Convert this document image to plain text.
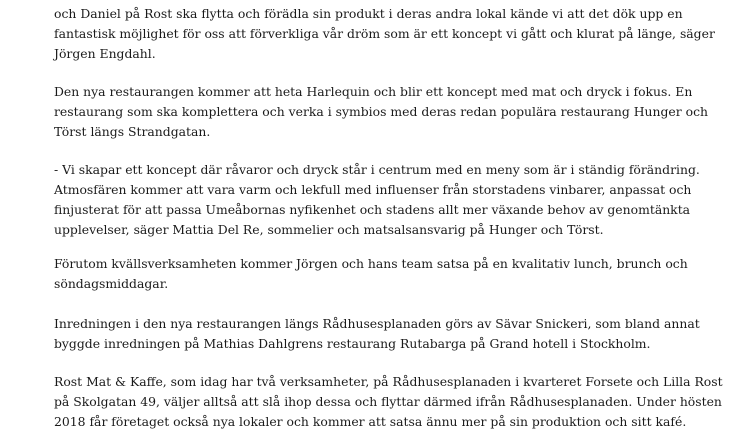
och Daniel på Rost ska flytta och förädla sin produkt i deras andra lokal kände vi att det dök upp en
fantastisk möjlighet för oss att förverkliga vår dröm som är ett koncept vi gått och klurat på länge, säger
Jörgen Engdahl.

Den nya restaurangen kommer att heta Harlequin och blir ett koncept med mat och dryck i fokus. En
restaurang som ska komplettera och verka i symbios med deras redan populära restaurang Hunger och
Törst längs Strandgatan.

- Vi skapar ett koncept där råvaror och dryck står i centrum med en meny som är i ständig förändring.
Atmosfären kommer att vara varm och lekfull med influenser från storstadens vinbarer, anpassat och
finjusterat för att passa Umeåbornas nyfikenhet och stadens allt mer växande behov av genomtänkta
upplevelser, säger Mattia Del Re, sommelier och matsalsansvarig på Hunger och Törst.

Förutom kvällsverksamheten kommer Jörgen och hans team satsa på en kvalitativ lunch, brunch och
söndagsmiddagar.

Inredningen i den nya restaurangen längs Rådhusesplanaden görs av Sävar Snickeri, som bland annat
byggde inredningen på Mathias Dahlgrens restaurang Rutabarga på Grand hotell i Stockholm.

Rost Mat & Kaffe, som idag har två verksamheter, på Rådhusesplanaden i kvarteret Forsete och Lilla Rost
på Skolgatan 49, väljer alltså att slå ihop dessa och flyttar därmed ifrån Rådhusesplanaden. Under hösten
2018 får företaget också nya lokaler och kommer att satsa ännu mer på sin produktion och sitt kafé.
